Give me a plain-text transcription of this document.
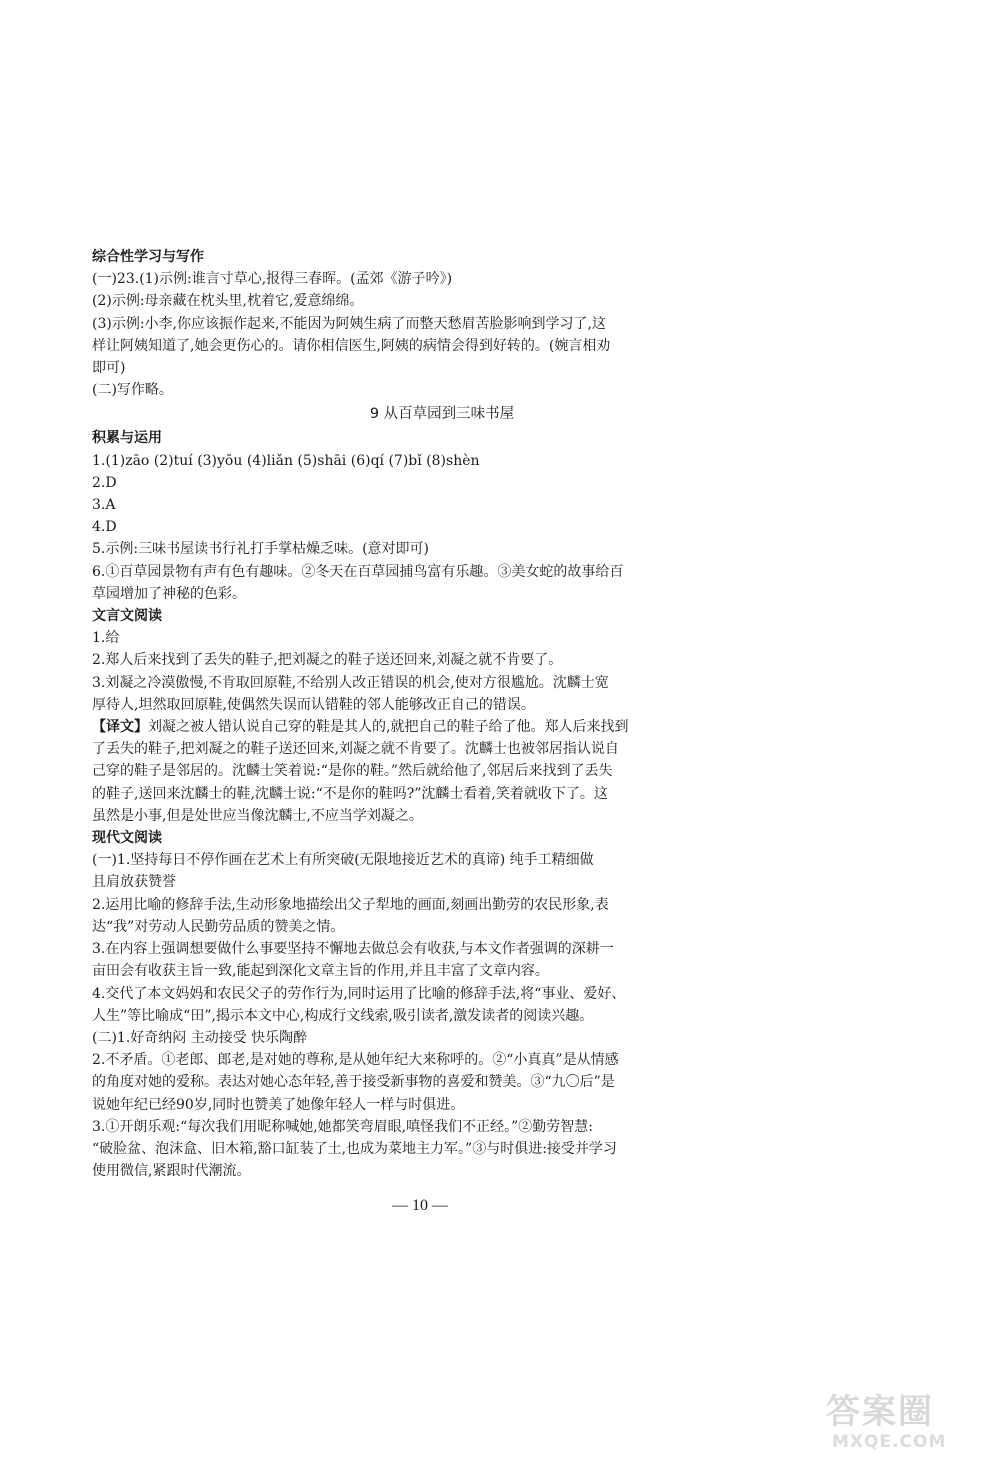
综合性学习与写作
(一)23.(1)示例:谁言寸草心,报得三春晖。(孟郊《游子吟》)
(2)示例:母亲藏在枕头里,枕着它,爱意绵绵。
(3)示例:小李,你应该振作起来,不能因为阿姨生病了而整天愁眉苦脸影响到学习了,这
样让阿姨知道了,她会更伤心的。请你相信医生,阿姨的病情会得到好转的。(婉言相劝
即可)
(二)写作略。
9 从百草园到三味书屋
积累与运用
1.(1)zāo (2)tuí (3)yōu (4)liǎn (5)shāi (6)qí (7)bǐ (8)shèn
2.D
3.A
4.D
5.示例:三味书屋读书行礼打手掌枯燥乏味。(意对即可)
6.①百草园景物有声有色有趣味。②冬天在百草园捕鸟富有乐趣。③美女蛇的故事给百
草园增加了神秘的色彩。
文言文阅读
1.给
2.郑人后来找到了丢失的鞋子,把刘凝之的鞋子送还回来,刘凝之就不肯要了。
3.刘凝之冷漠傲慢,不肯取回原鞋,不给别人改正错误的机会,使对方很尴尬。沈麟士宽
厚待人,坦然取回原鞋,使偶然失误而认错鞋的邻人能够改正自己的错误。
【译文】刘凝之被人错认说自己穿的鞋是其人的,就把自己的鞋子给了他。郑人后来找到
了丢失的鞋子,把刘凝之的鞋子送还回来,刘凝之就不肯要了。沈麟士也被邻居指认说自
己穿的鞋子是邻居的。沈麟士笑着说:“是你的鞋。”然后就给他了,邻居后来找到了丢失
的鞋子,送回来沈麟士的鞋,沈麟士说:“不是你的鞋吗?”沈麟士看着,笑着就收下了。这
虽然是小事,但是处世应当像沈麟士,不应当学刘凝之。
现代文阅读
(一)1.坚持每日不停作画在艺术上有所突破(无限地接近艺术的真谛) 纯手工精细做
且肩放获赞誉
2.运用比喻的修辞手法,生动形象地描绘出父子犁地的画面,刻画出勤劳的农民形象,表
达“我”对劳动人民勤劳品质的赞美之情。
3.在内容上强调想要做什么事要坚持不懈地去做总会有收获,与本文作者强调的深耕一
亩田会有收获主旨一致,能起到深化文章主旨的作用,并且丰富了文章内容。
4.交代了本文妈妈和农民父子的劳作行为,同时运用了比喻的修辞手法,将“事业、爱好、
人生”等比喻成“田”,揭示本文中心,构成行文线索,吸引读者,激发读者的阅读兴趣。
(二)1.好奇纳闷 主动接受 快乐陶醉
2.不矛盾。①老郎、郎老,是对她的尊称,是从她年纪大来称呼的。②“小真真”是从情感
的角度对她的爱称。表达对她心态年轻,善于接受新事物的喜爱和赞美。③“九〇后”是
说她年纪已经90岁,同时也赞美了她像年轻人一样与时俱进。
3.①开朗乐观:“每次我们用昵称喊她,她都笑弯眉眼,嗔怪我们不正经。”②勤劳智慧:
“破脸盆、泡沫盒、旧木箱,豁口缸装了土,也成为菜地主力军。”③与时俱进:接受并学习
使用微信,紧跟时代潮流。
— 10 —
答案圈
MXQE.COM
